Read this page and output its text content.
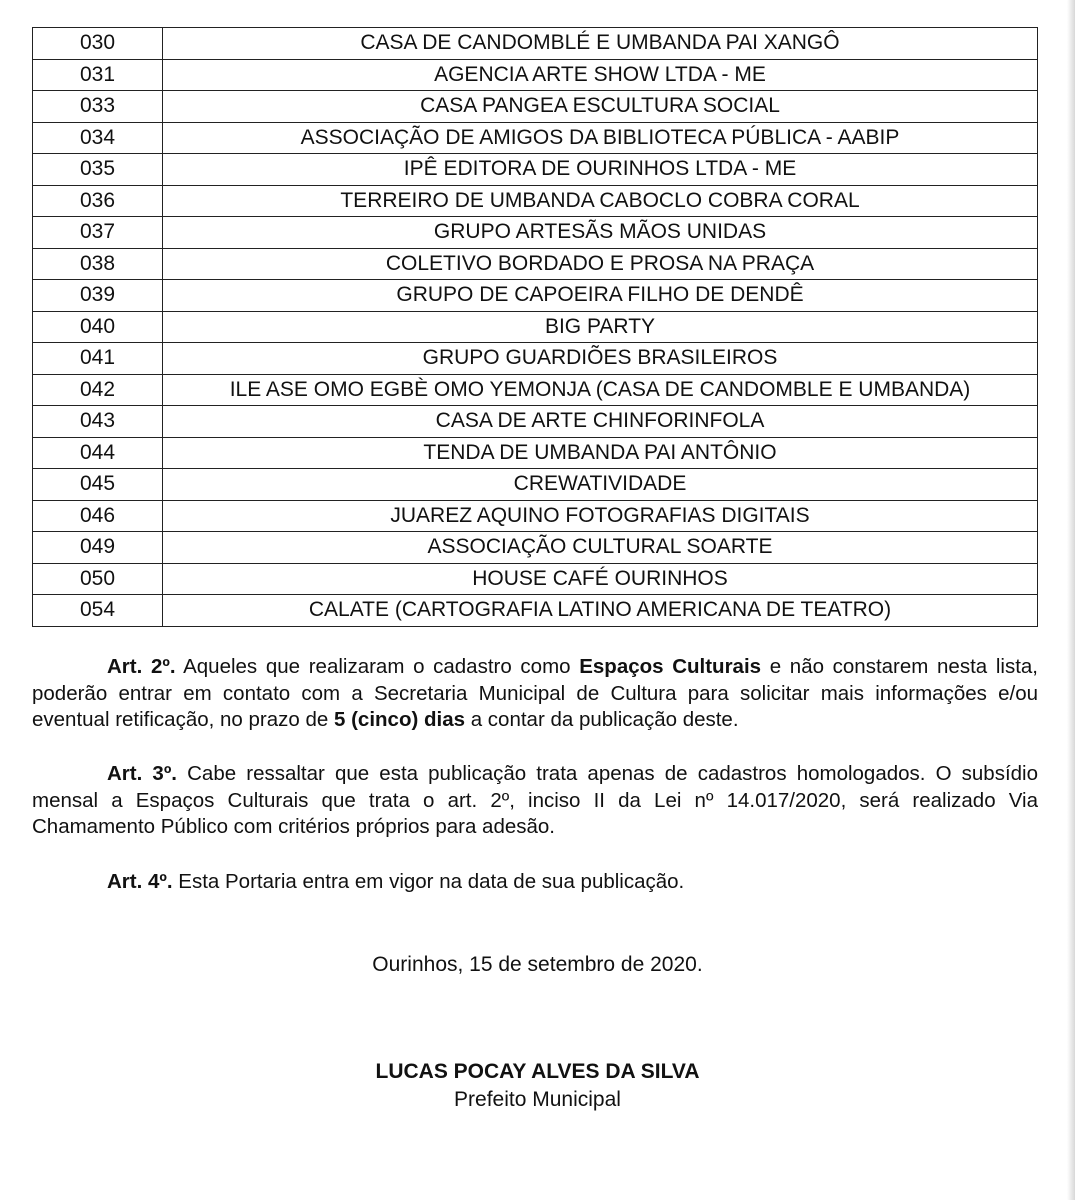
030	CASA DE CANDOMBLÉ E UMBANDA PAI XANGÔ
031	AGENCIA ARTE SHOW LTDA - ME
033	CASA PANGEA ESCULTURA SOCIAL
034	ASSOCIAÇÃO DE AMIGOS DA BIBLIOTECA PÚBLICA - AABIP
035	IPÊ EDITORA DE OURINHOS LTDA - ME
036	TERREIRO DE UMBANDA CABOCLO COBRA CORAL
037	GRUPO ARTESÃS MÃOS UNIDAS
038	COLETIVO BORDADO E PROSA NA PRAÇA
039	GRUPO DE CAPOEIRA FILHO DE DENDÊ
040	BIG PARTY
041	GRUPO GUARDIÕES BRASILEIROS
042	ILE ASE OMO EGBÈ OMO YEMONJA (CASA DE CANDOMBLE E UMBANDA)
043	CASA DE ARTE CHINFORINFOLA
044	TENDA DE UMBANDA PAI ANTÔNIO
045	CREWATIVIDADE
046	JUAREZ AQUINO FOTOGRAFIAS DIGITAIS
049	ASSOCIAÇÃO CULTURAL SOARTE
050	HOUSE CAFÉ OURINHOS
054	CALATE (CARTOGRAFIA LATINO AMERICANA DE TEATRO)

Art. 2º. Aqueles que realizaram o cadastro como Espaços Culturais e não constarem nesta lista, poderão entrar em contato com a Secretaria Municipal de Cultura para solicitar mais informações e/ou eventual retificação, no prazo de 5 (cinco) dias a contar da publicação deste.

Art. 3º. Cabe ressaltar que esta publicação trata apenas de cadastros homologados. O subsídio mensal a Espaços Culturais que trata o art. 2º, inciso II da Lei nº 14.017/2020, será realizado Via Chamamento Público com critérios próprios para adesão.

Art. 4º. Esta Portaria entra em vigor na data de sua publicação.

Ourinhos, 15 de setembro de 2020.
LUCAS POCAY ALVES DA SILVA
Prefeito Municipal
